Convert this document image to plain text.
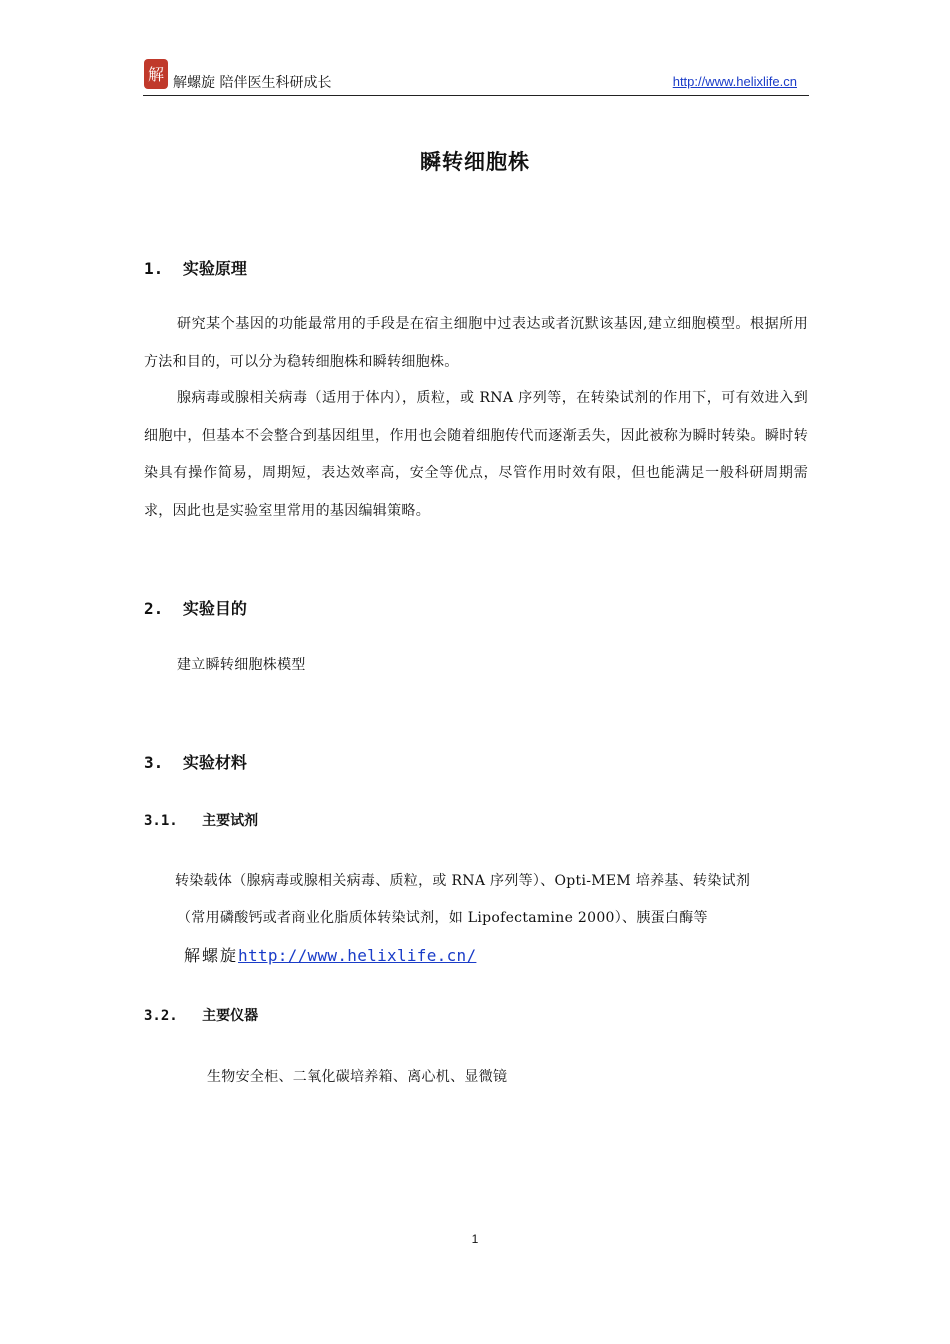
解 解螺旋 陪伴医生科研成长	http://www.helixlife.cn
瞬转细胞株
1. 实验原理
研究某个基因的功能最常用的手段是在宿主细胞中过表达或者沉默该基因,建立细胞模型。根据所用方法和目的，可以分为稳转细胞株和瞬转细胞株。
腺病毒或腺相关病毒（适用于体内），质粒，或 RNA 序列等，在转染试剂的作用下，可有效进入到细胞中，但基本不会整合到基因组里，作用也会随着细胞传代而逐渐丢失，因此被称为瞬时转染。瞬时转染具有操作简易，周期短，表达效率高，安全等优点，尽管作用时效有限，但也能满足一般科研周期需求，因此也是实验室里常用的基因编辑策略。
2. 实验目的
建立瞬转细胞株模型
3. 实验材料
3.1. 主要试剂
转染载体（腺病毒或腺相关病毒、质粒，或 RNA 序列等）、Opti-MEM 培养基、转染试剂
（常用磷酸钙或者商业化脂质体转染试剂，如 Lipofectamine 2000）、胰蛋白酶等
解螺旋http://www.helixlife.cn/
3.2. 主要仪器
生物安全柜、二氧化碳培养箱、离心机、显微镜
1
